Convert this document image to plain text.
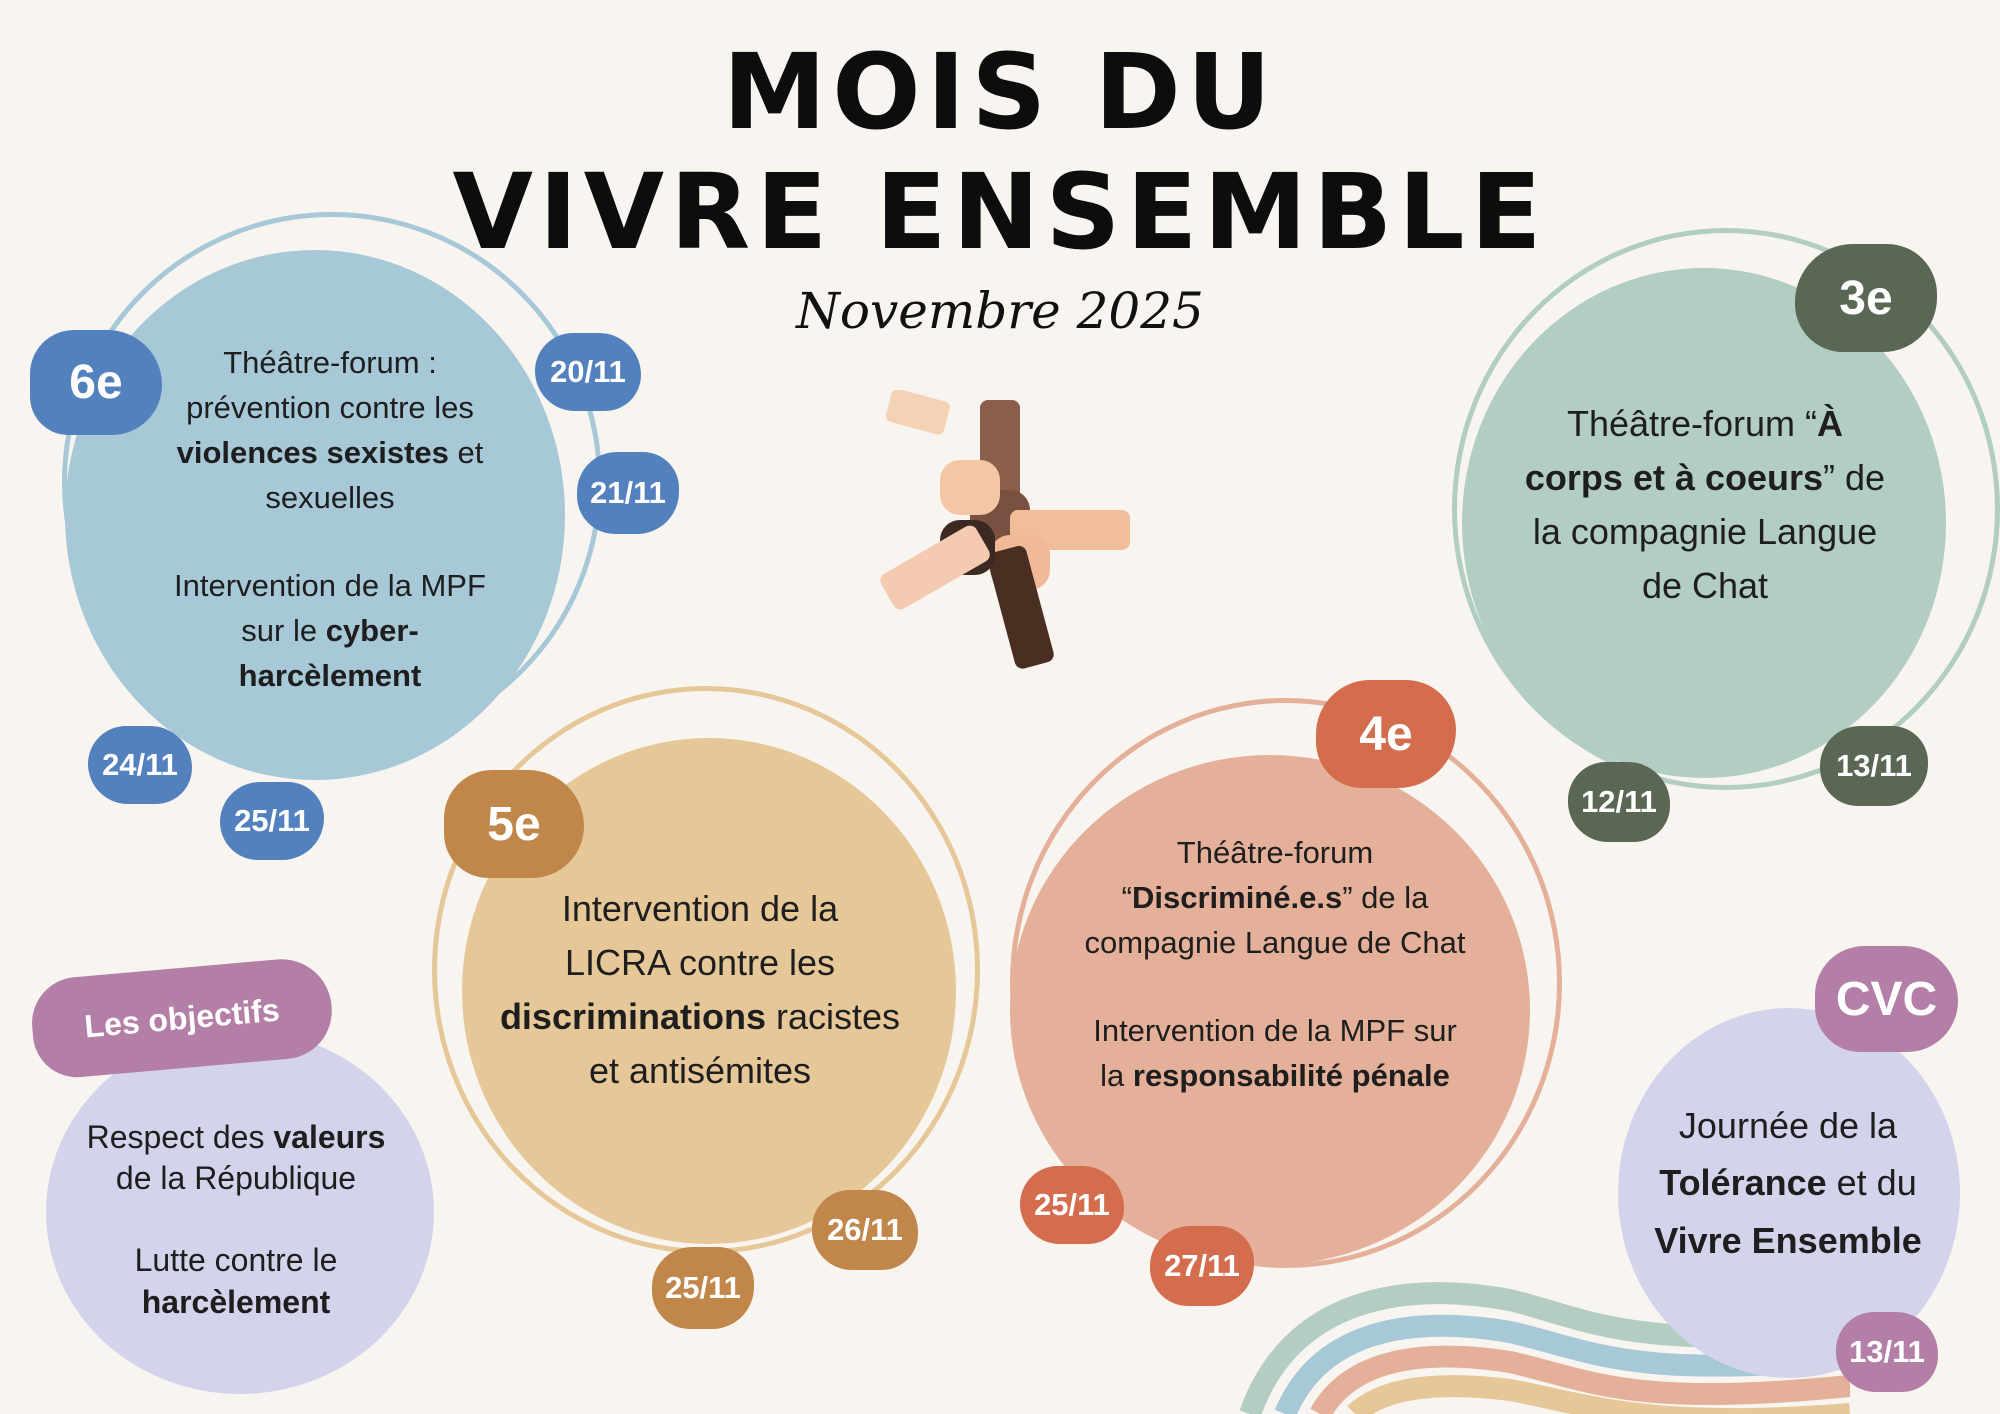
MOIS DU
VIVRE ENSEMBLE
Novembre 2025

Théâtre-forum :

prévention contre les

violences sexistes et

sexuelles

Intervention de la MPF

sur le cyber-

harcèlement

6e	20/11
21/11
24/11
25/11

Intervention de la

LICRA contre les

discriminations racistes

et antisémites

5e
26/11
25/11

Théâtre-forum

“Discriminé.e.s” de la

compagnie Langue de Chat

Intervention de la MPF sur

la responsabilité pénale

4e
25/11
27/11

Théâtre-forum “À

corps et à coeurs” de

la compagnie Langue

de Chat

3e
12/11
13/11

Journée de la

Tolérance et du

Vivre Ensemble

CVC
13/11

Respect des valeurs

de la République

Lutte contre le

harcèlement

Les objectifs
